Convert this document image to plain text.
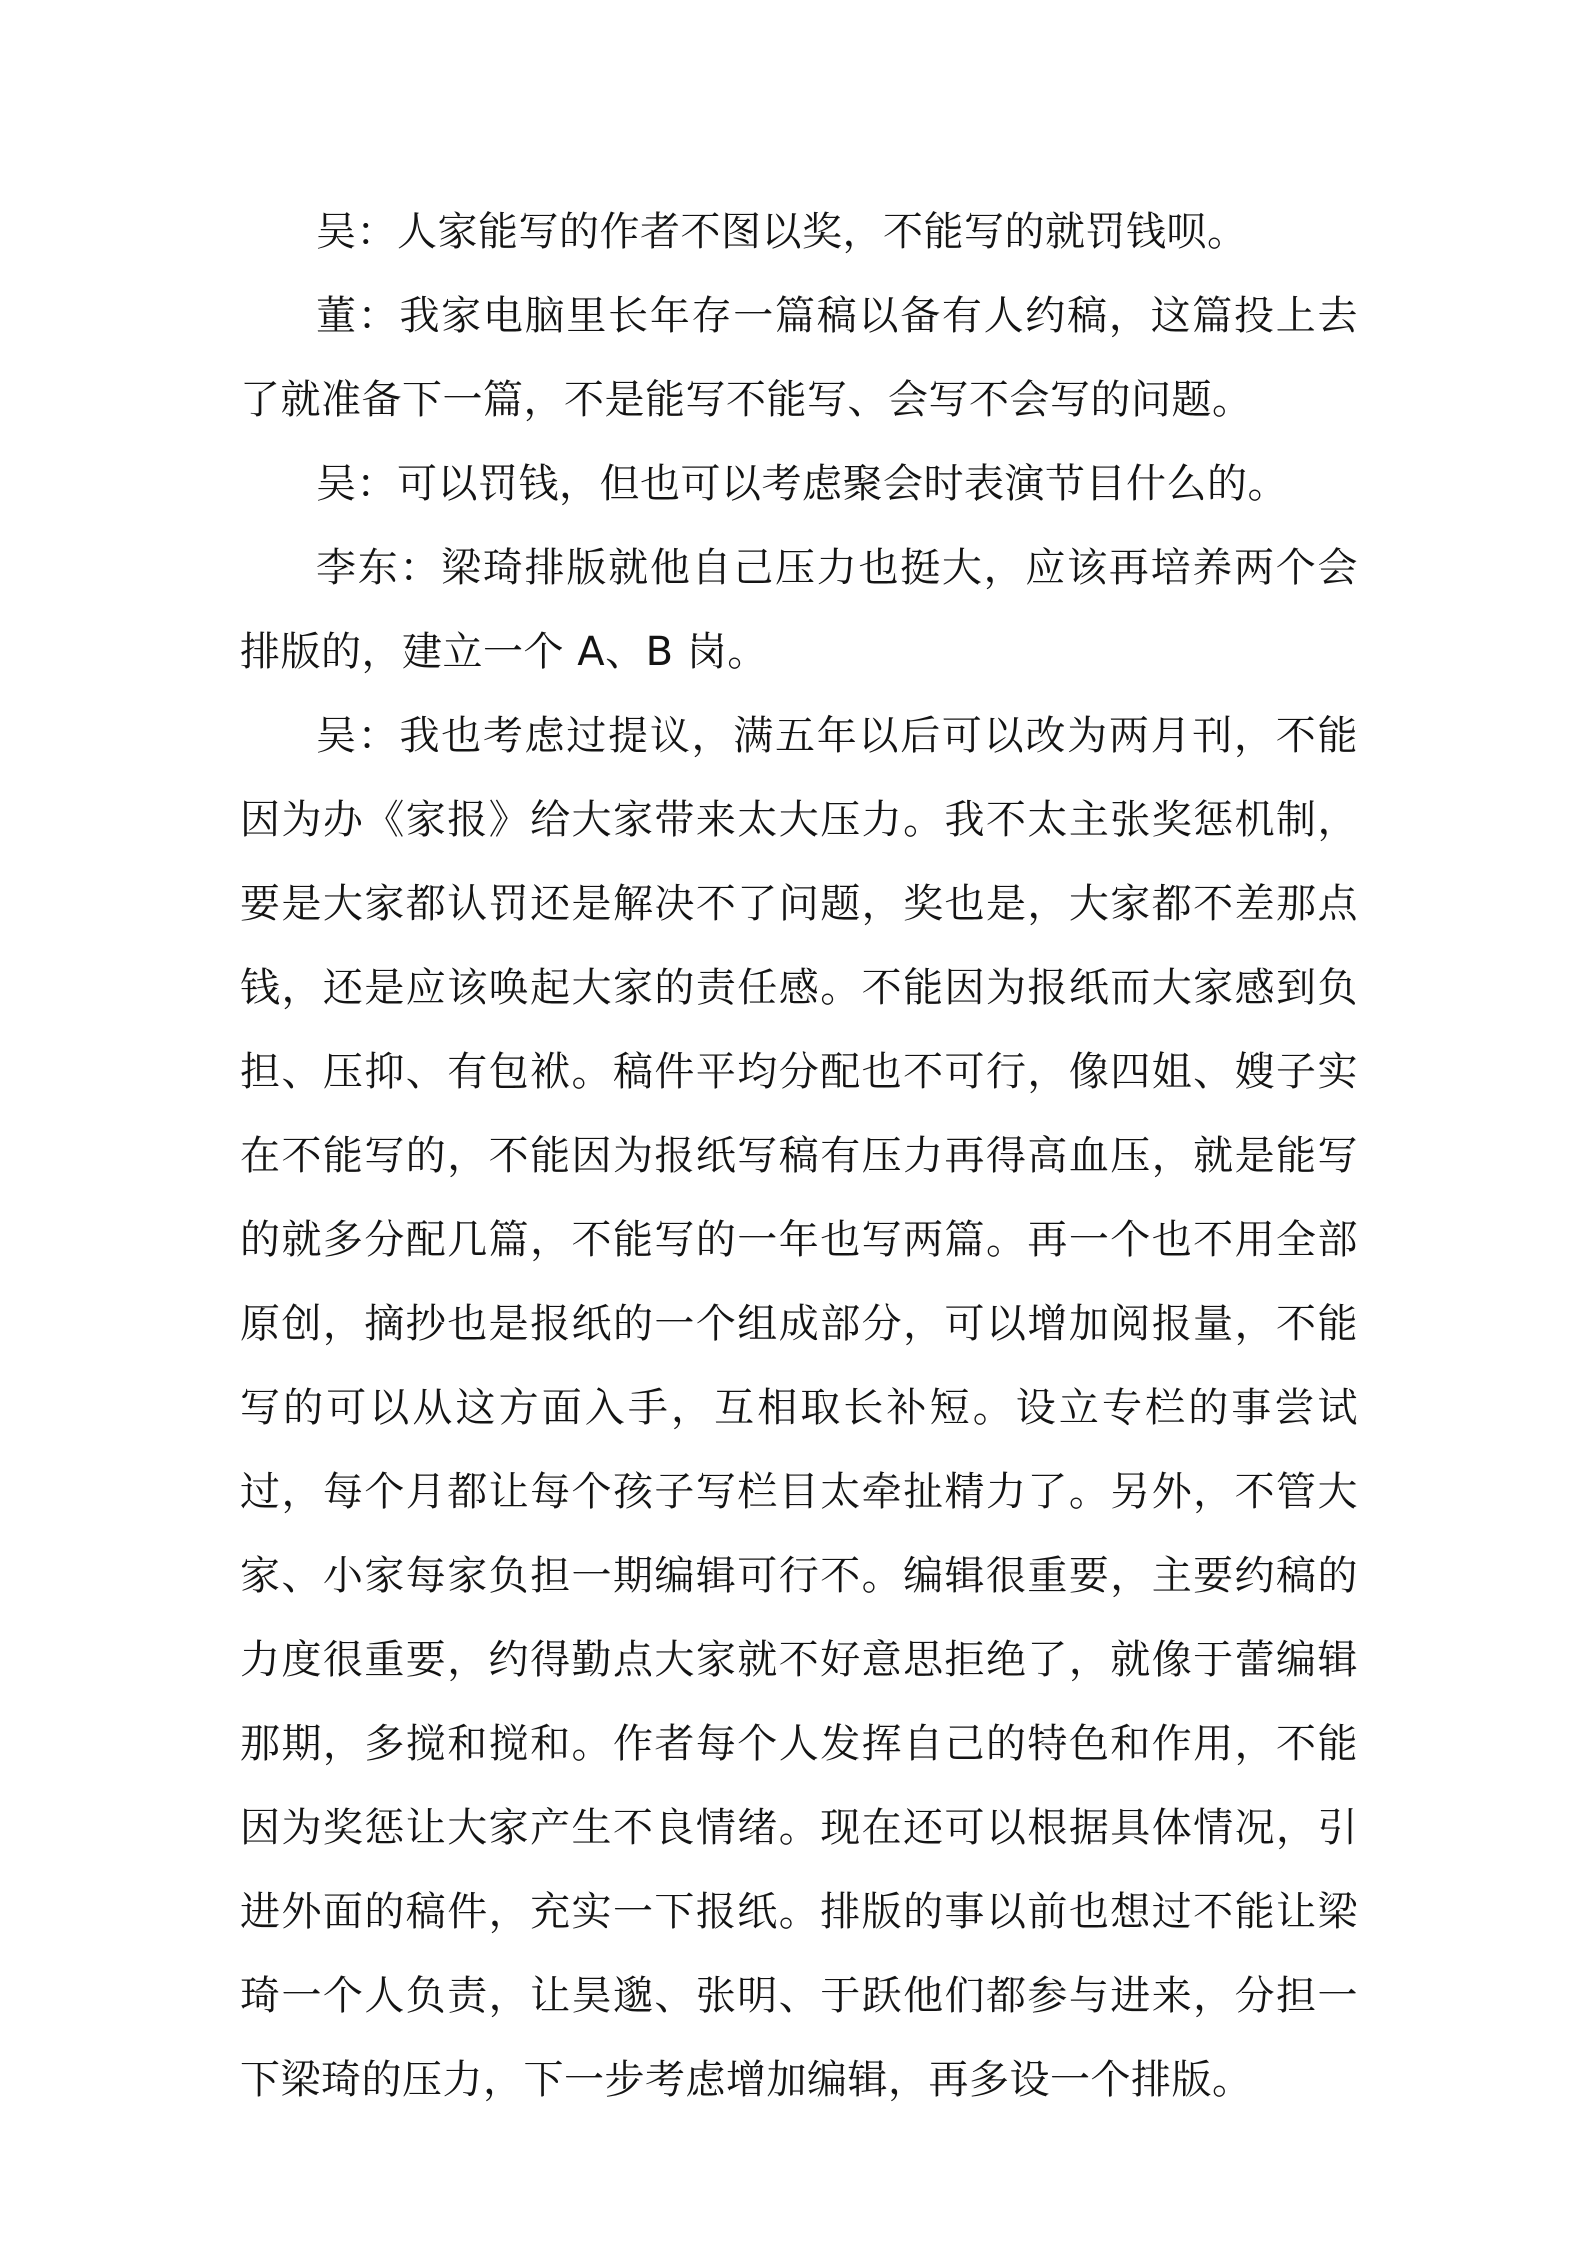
吴：人家能写的作者不图以奖，不能写的就罚钱呗。

董：我家电脑里长年存一篇稿以备有人约稿，这篇投上去了就准备下一篇，不是能写不能写、会写不会写的问题。

吴：可以罚钱，但也可以考虑聚会时表演节目什么的。

李东：梁琦排版就他自己压力也挺大，应该再培养两个会排版的，建立一个 A、B 岗。

吴：我也考虑过提议，满五年以后可以改为两月刊，不能因为办《家报》给大家带来太大压力。我不太主张奖惩机制，要是大家都认罚还是解决不了问题，奖也是，大家都不差那点钱，还是应该唤起大家的责任感。不能因为报纸而大家感到负担、压抑、有包袱。稿件平均分配也不可行，像四姐、嫂子实在不能写的，不能因为报纸写稿有压力再得高血压，就是能写的就多分配几篇，不能写的一年也写两篇。再一个也不用全部原创，摘抄也是报纸的一个组成部分，可以增加阅报量，不能写的可以从这方面入手，互相取长补短。设立专栏的事尝试过，每个月都让每个孩子写栏目太牵扯精力了。另外，不管大家、小家每家负担一期编辑可行不。编辑很重要，主要约稿的力度很重要，约得勤点大家就不好意思拒绝了，就像于蕾编辑那期，多搅和搅和。作者每个人发挥自己的特色和作用，不能因为奖惩让大家产生不良情绪。现在还可以根据具体情况，引进外面的稿件，充实一下报纸。排版的事以前也想过不能让梁琦一个人负责，让昊邈、张明、于跃他们都参与进来，分担一下梁琦的压力，下一步考虑增加编辑，再多设一个排版。
